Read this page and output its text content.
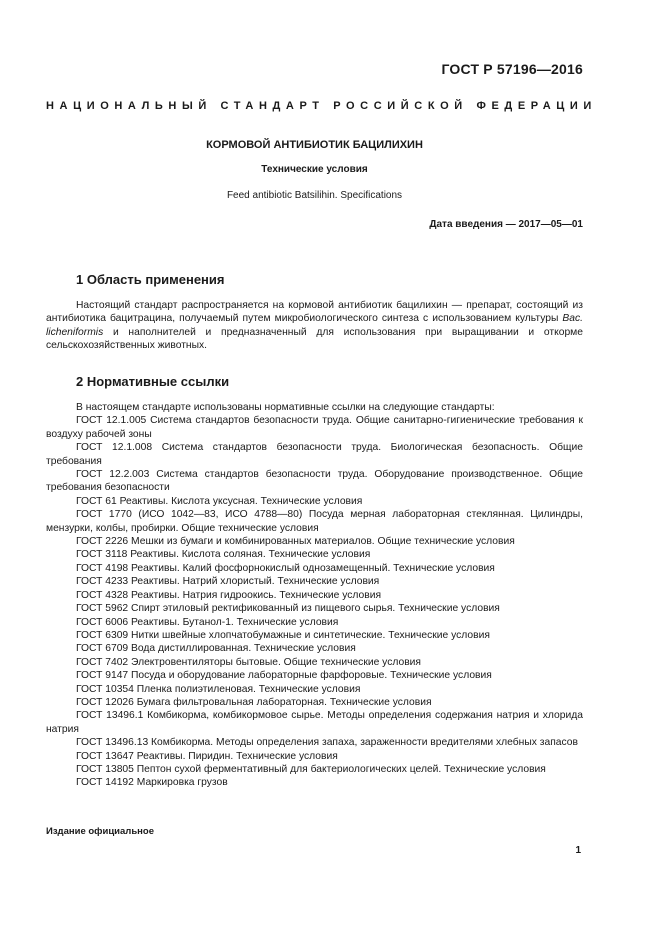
ГОСТ Р 57196—2016
НАЦИОНАЛЬНЫЙ СТАНДАРТ РОССИЙСКОЙ ФЕДЕРАЦИИ
КОРМОВОЙ АНТИБИОТИК БАЦИЛИХИН
Технические условия
Feed antibiotic Batsilihin. Specifications
Дата введения — 2017—05—01
1 Область применения
Настоящий стандарт распространяется на кормовой антибиотик бацилихин — препарат, состоящий из антибиотика бацитрацина, получаемый путем микробиологического синтеза с использованием культуры Bac. licheniformis и наполнителей и предназначенный для использования при выращивании и откорме сельскохозяйственных животных.
2 Нормативные ссылки

В настоящем стандарте использованы нормативные ссылки на следующие стандарты:

ГОСТ 12.1.005 Система стандартов безопасности труда. Общие санитарно-гигиенические требования к воздуху рабочей зоны

ГОСТ 12.1.008 Система стандартов безопасности труда. Биологическая безопасность. Общие требования

ГОСТ 12.2.003 Система стандартов безопасности труда. Оборудование производственное. Общие требования безопасности

ГОСТ 61 Реактивы. Кислота уксусная. Технические условия

ГОСТ 1770 (ИСО 1042—83, ИСО 4788—80) Посуда мерная лабораторная стеклянная. Цилиндры, мензурки, колбы, пробирки. Общие технические условия

ГОСТ 2226 Мешки из бумаги и комбинированных материалов. Общие технические условия

ГОСТ 3118 Реактивы. Кислота соляная. Технические условия

ГОСТ 4198 Реактивы. Калий фосфорнокислый однозамещенный. Технические условия

ГОСТ 4233 Реактивы. Натрий хлористый. Технические условия

ГОСТ 4328 Реактивы. Натрия гидроокись. Технические условия

ГОСТ 5962 Спирт этиловый ректификованный из пищевого сырья. Технические условия

ГОСТ 6006 Реактивы. Бутанол-1. Технические условия

ГОСТ 6309 Нитки швейные хлопчатобумажные и синтетические. Технические условия

ГОСТ 6709 Вода дистиллированная. Технические условия

ГОСТ 7402 Электровентиляторы бытовые. Общие технические условия

ГОСТ 9147 Посуда и оборудование лабораторные фарфоровые. Технические условия

ГОСТ 10354 Пленка полиэтиленовая. Технические условия

ГОСТ 12026 Бумага фильтровальная лабораторная. Технические условия

ГОСТ 13496.1 Комбикорма, комбикормовое сырье. Методы определения содержания натрия и хлорида натрия

ГОСТ 13496.13 Комбикорма. Методы определения запаха, зараженности вредителями хлебных запасов

ГОСТ 13647 Реактивы. Пиридин. Технические условия

ГОСТ 13805 Пептон сухой ферментативный для бактериологических целей. Технические условия

ГОСТ 14192 Маркировка грузов

Издание официальное
1
